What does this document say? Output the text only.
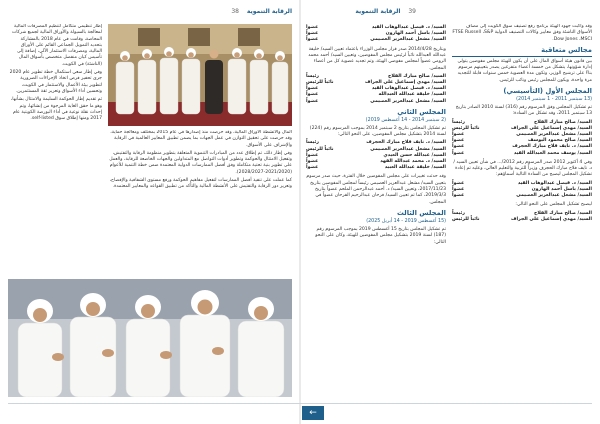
الرقابة التنموية 38	39 الرقابة التنموية

وقد واكبت جهود الهيئة برنامج رفع تصنيف سوق الكويت إلى مصاف الأسواق الناشئة وفق معايير وكالات التصنيف الدولية FTSE Russell ،S&P Dow Jones ،MSCI.

مجالس متعاقبة

بين قانون هيئة أسواق المال على أن يكون للهيئة مجلس مفوضين يتولى إدارة شؤونها، يتشكل من خمسة أعضاء متفرغين يصدر بتعيينهم مرسوم بناءً على ترشيح الوزير، وتكون مدة العضوية خمس سنوات قابلة للتجديد مرة واحدة، ويكون للمجلس رئيس ونائب للرئيس.

المجلس الأول (التأسيسي)
(13 سبتمبر 2011 - 1 سبتمبر 2014)

تم تشكيل المجلس وفق المرسوم رقم (316) لسنة 2010 الصادر بتاريخ 13 سبتمبر 2011، وقد تشكل من السادة:

السيد/ صالح مبارك الفلاح
رئيساً
السيد/ مهدي إسماعيل علي الجزاف
نائباً للرئيس
السيد/ مشعل عبدالعزيز العصيمي
عضواً
السيد/ صالح محمود اليوسف
عضواً
السيد/ د. نايف فلاح مبارك الحجرف
عضواً
السيد/ يوسف محمد العبدالله القيد
عضواً

وفي 4 أكتوبر 2012 صدر المرسوم رقم 2012/... في شأن تعيين السيد / د. نايف فلاح مبارك الحجرف وزيراً للتربية والتعليم العالي، وعليه تم إعادة تشكيل المجلس ليصبح من السادة التالية أسماؤهم:

السيد/ د. فيصل عبدالوهاب القيد
عضواً
السيد/ باسل أحمد الهارون
عضواً
السيد/ مشعل عبدالعزيز العصيمي
عضواً

ليصبح تشكيل المجلس على النحو التالي:

السيد/ صالح مبارك الفلاح
رئيساً
السيد/ مهدي إسماعيل علي الجزاف
نائباً للرئيس
السيد/ د. فيصل عبدالوهاب القيد
عضواً
السيد/ باسل أحمد الهارون
عضواً
السيد/ مشعل عبدالعزيز العصيمي
عضواً

وبتاريخ 2014/4/28 صدر قرار مجلس الوزراء باعتماد تعيين السيد/ خليفة عبدالله العبدالله نائباً لرئيس مجلس المفوضين، وتعيين السيد/ أحمد محمد الرومي عضواً لمجلس مفوضي الهيئة، وتم تجديد عضوية كل من أعضاء المجلس.

السيد/ صالح مبارك الفلاح
رئيساً
السيد/ مهدي إسماعيل علي الجزاف
نائباً للرئيس
السيد/ د. فيصل عبدالوهاب القيد
عضواً
السيد/ خليفة عبدالله العبدالله
عضواً
السيد/ مشعل عبدالعزيز العصيمي
عضواً
المجلس الثاني
(2 سبتمبر 2014 - 14 أغسطس 2019)

تم تشكيل المجلس بتاريخ 2 سبتمبر 2014 بموجب المرسوم رقم (224) لسنة 2014 بتشكيل مجلس المفوضين، على النحو التالي:

السيد/ د. نايف فلاح مبارك الحجرف
رئيساً
السيد/ مشعل عبدالعزيز العصيمي
نائباً للرئيس
السيد/ عبدالله حسن العيدي
عضواً
السيد/ د. محمد عبدالله الفهد
عضواً
السيد/ خليفة عبدالله العبيد
عضواً

وقد حدثت تغييرات على مجلس المفوضين خلال الفترة، حيث صدر مرسوم بتعيين السيد/ مشعل عبدالعزيز العصيمي رئيساً لمجلس المفوضين بتاريخ 2017/11/23، وتعيين السيد/ د. أحمد عبدالرحمن الملحم عضواً بتاريخ 2019/3/3، كما تم تعيين السيد/ فرحان عبدالرحيم الفرحان عضواً في المجلس.

المجلس الثالث
(15 أغسطس 2019 - 14 أبريل 2025)

تم تشكيل المجلس بتاريخ 15 أغسطس 2019 بموجب المرسوم رقم (187) لسنة 2019 بتشكيل مجلس المفوضين للهيئة، وكان على النحو التالي:

إطار تنظيمي متكامل لتنظيم المصرفات المالية لمعالجة بالسيولة والأوراق المالية لجميع شركات المحاصة، وقامت في عام 2018 بالمشاركة بتحديد التمويل الجماعي القائم على الأوراق المالية، ومصرفات الاستثمار الآلي، إضافة إلى تأسيس كيان منفصل متخصص بأسواق المال (الناشئة) في الكويت.

وفي إطار سعي استكمال خطة تطوير عام 2020 جرى تحفيز فرص اتخاذ الإجراءات الضرورية لتطوير بيئة الأعمال والاستثمار في الكويت، وتحسين أداء الأسواق وتعزيز ثقة المستثمرين.

ثم تقديم إطار الحوكمة السليمة والامتثال بشأنها، وهو ما حقق الغاية المرجوة من إنشائها، وتم إحداث نقلة نوعية في أداء البورصة الكويتية عام 2017 ومنها إطلاق سوق self-listed.

المال والأنشطة الأوراق المالية، وقد حرصت منذ إصدارها في عام 2015 بمختلف ومعالجة حماية، وقد حرصت على تحقيق التوازن في عمل الجهات بما يضمن تطبيق المعايير العالمية في الرقابة والإشراف على الأسواق.

وفي إطار ذلك، تم إطلاق عدد من المبادرات التنموية المتعلقة بتطوير منظومة الرقابة والتفتيش، وتفعيل الامتثال والحوكمة وتطوير أدوات التواصل مع المتداولين والجهات الخاضعة للرقابة، والعمل على تطوير بنية تحتية متكاملة وفق أفضل الممارسات الدولية المعتمدة ضمن خطة التنمية للأعوام (2021/2020-2028/2027).

كما عملت على تنفيذ أفضل الممارسات لتفعيل مفاهيم الحوكمة ورفع مستوى الشفافية والإفصاح، وتعزيز دور الرقابة والتفتيش على الأنشطة المالية والتأكد من تطبيق القواعد والمعايير المعتمدة.

←
